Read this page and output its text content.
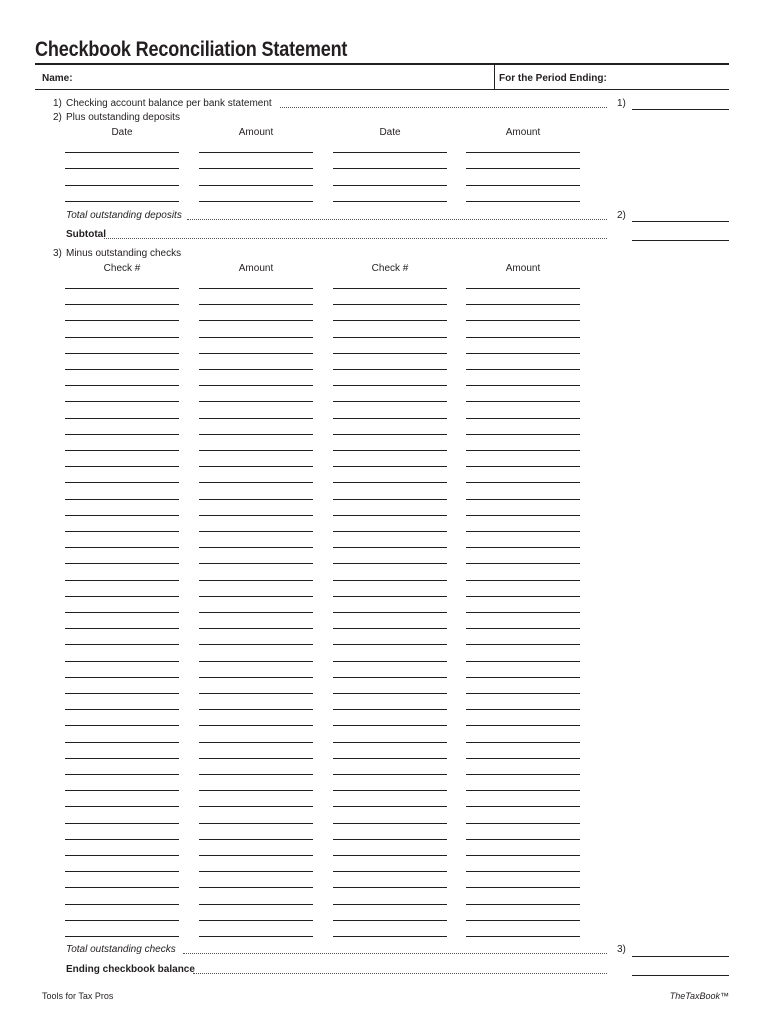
Checkbook Reconciliation Statement
Name:	For the Period Ending:
1) Checking account balance per bank statement	1)
2) Plus outstanding deposits
Date	Amount	Date	Amount
Total outstanding deposits	2)
Subtotal
3) Minus outstanding checks
Check #	Amount	Check #	Amount
Total outstanding checks	3)
Ending checkbook balance
Tools for Tax Pros	TheTaxBook™
